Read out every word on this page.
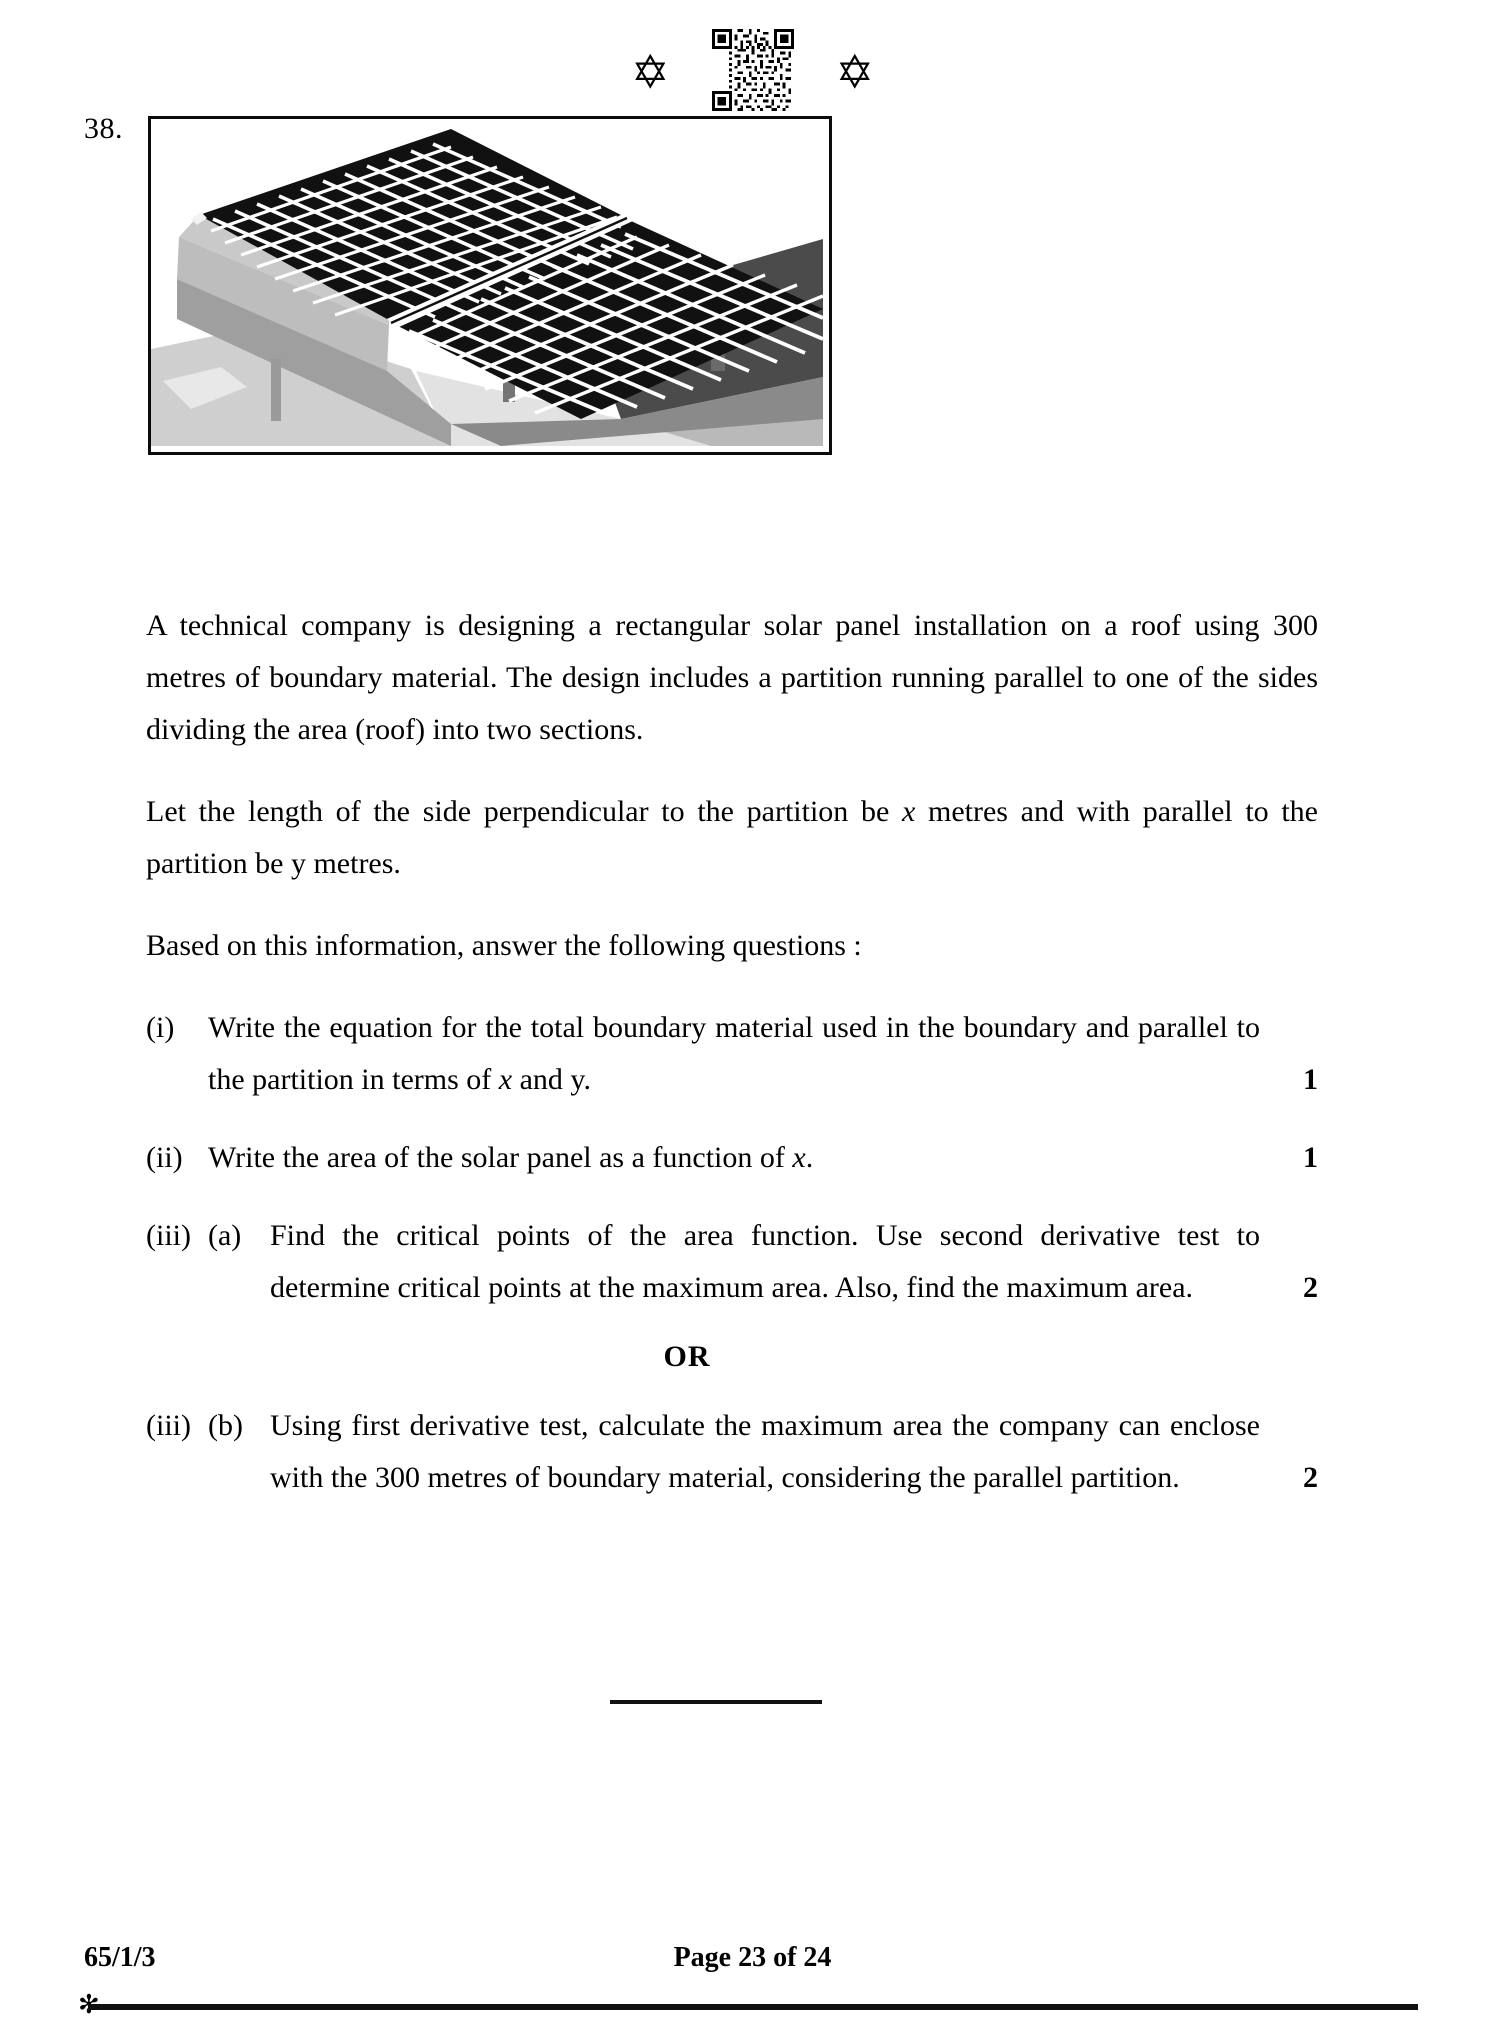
✡	✡
38.

A technical company is designing a rectangular solar panel installation on a roof using 300 metres of boundary material. The design includes a partition running parallel to one of the sides dividing the area (roof) into two sections.

Let the length of the side perpendicular to the partition be x metres and with parallel to the partition be y metres.

Based on this information, answer the following questions :

(i)	Write the equation for the total boundary material used in the boundary and parallel to the partition in terms of x and y.	1
(ii) Write the area of the solar panel as a function of x.	1
(iii) (a) Find the critical points of the area function. Use second derivative test to determine critical points at the maximum area. Also, find the maximum area.	2
OR
(iii) (b) Using first derivative test, calculate the maximum area the company can enclose with the 300 metres of boundary material, considering the parallel partition.	2
65/1/3	Page 23 of 24
✻
